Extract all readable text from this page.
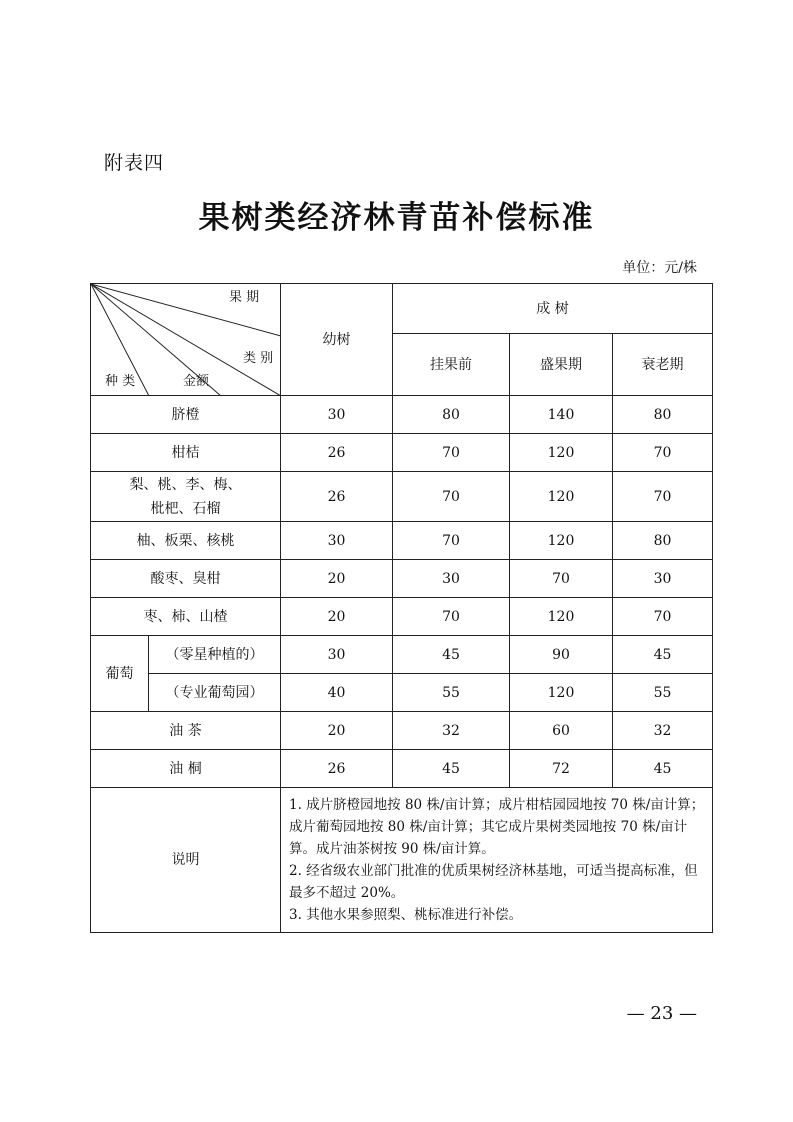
附表四
果树类经济林青苗补偿标准
单位：元/株
果 期
类 别
种 类 金额		幼树	成 树		
			挂果前	盛果期	衰老期
脐橙		30	80	140	80
柑桔		26	70	120	70

梨、桃、李、梅、
枇杷、石榴		26	70	120	70
柚、板栗、核桃		30	70	120	80
酸枣、臭柑		20	30	70	30
枣、柿、山楂		20	70	120	70
葡萄	（零星种植的）	30	45	90	45
	（专业葡萄园）	40	55	120	55
油 茶		20	32	60	32
油 桐		26	45	72	45
说明		1. 成片脐橙园地按 80 株/亩计算；成片柑桔园园地按 70 株/亩计算；成片葡萄园地按 80 株/亩计算；其它成片果树类园地按 70 株/亩计算。成片油茶树按 90 株/亩计算。
2. 经省级农业部门批准的优质果树经济林基地，可适当提高标准，但最多不超过 20%。
3. 其他水果参照梨、桃标准进行补偿。			
— 23 —
